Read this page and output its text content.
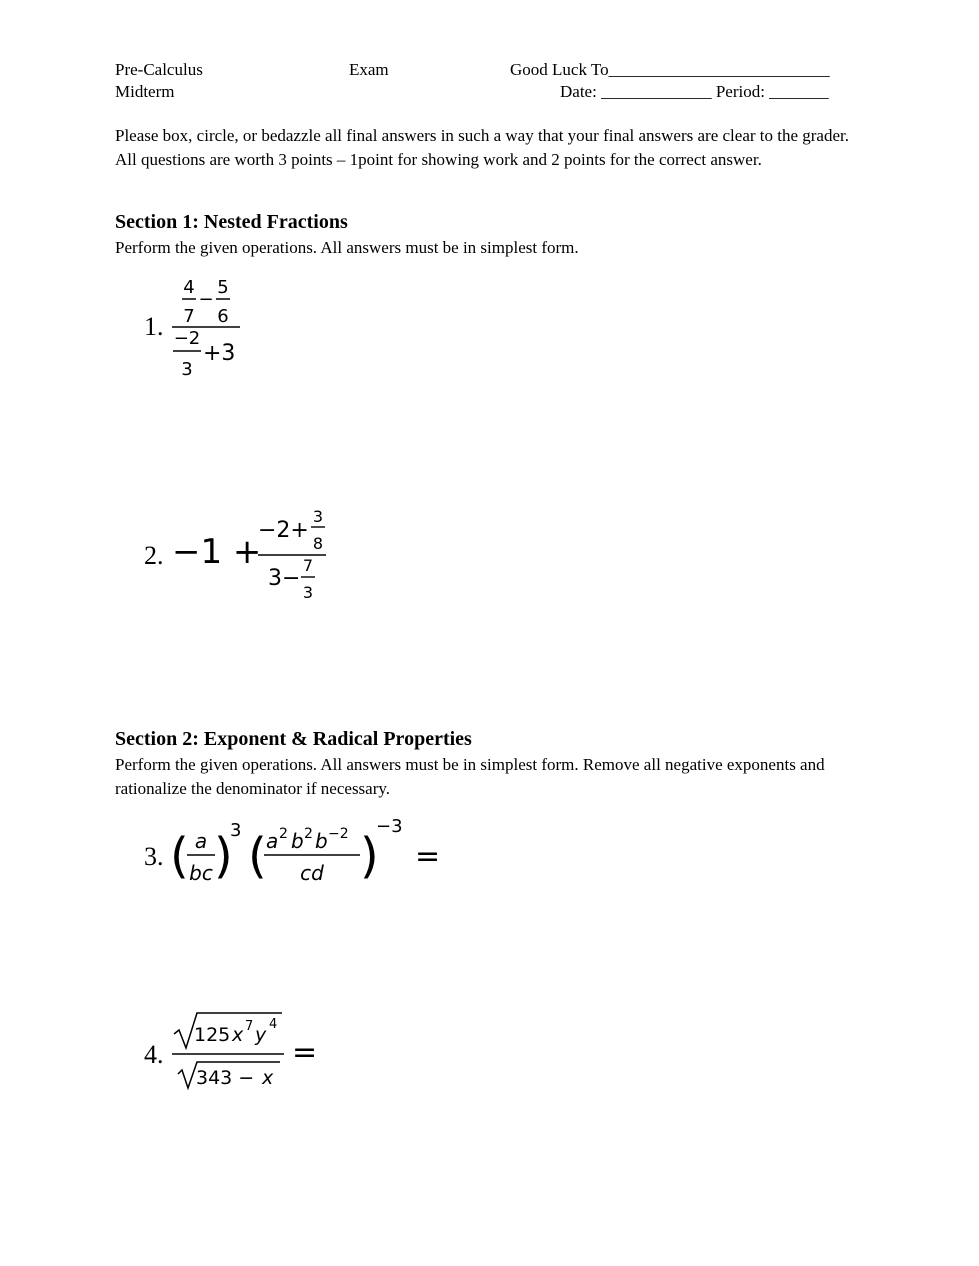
Pre-Calculus
Midterm
Exam	Good Luck To__________________________
Date: _____________ Period: _______
Please box, circle, or bedazzle all final answers in such a way that your final answers are clear to the grader. All questions are worth 3 points – 1point for showing work and 2 points for the correct answer.
Section 1: Nested Fractions
Perform the given operations. All answers must be in simplest form.
1.
4
7
−
5
6
−2
3
+3
2. −1 +
−2+
3
8
3−
7
3
Section 2: Exponent & Radical Properties
Perform the given operations. All answers must be in simplest form. Remove all negative exponents and rationalize the denominator if necessary.
3. ( a
bc )
3 ( a 2 b 2 b −2
cd )
−3
=
4.
125 x 7 y 4
343 − x
=
